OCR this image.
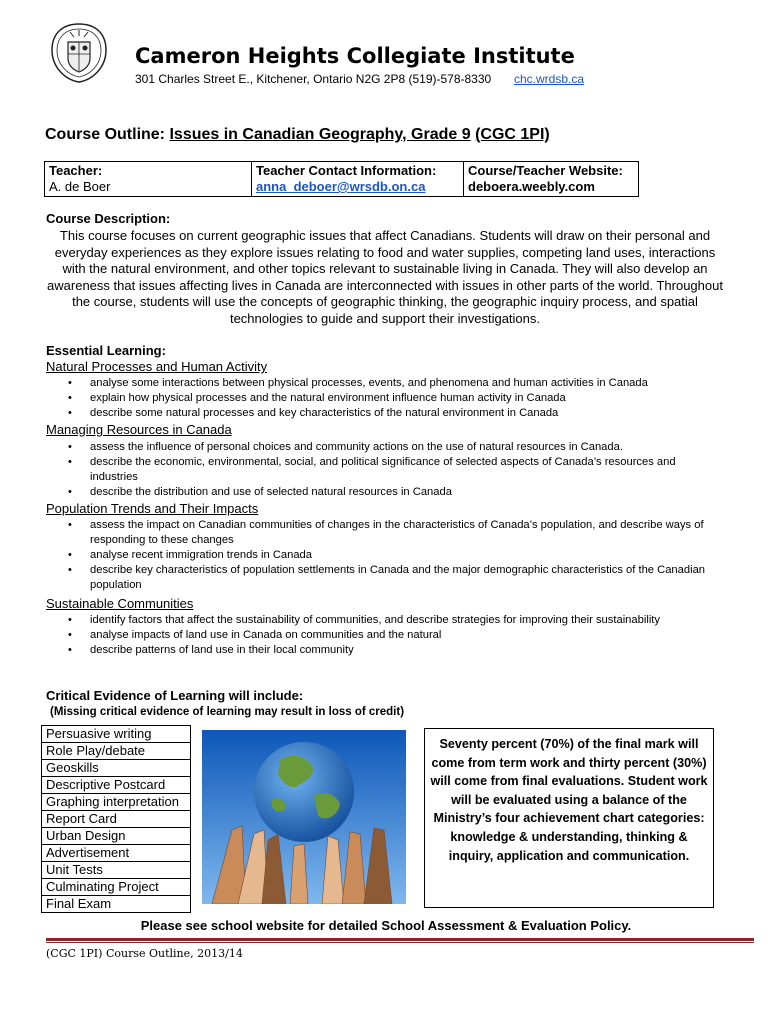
Cameron Heights Collegiate Institute
301 Charles Street E., Kitchener, Ontario N2G 2P8 (519)-578-8330 chc.wrdsb.ca
Course Outline: Issues in Canadian Geography, Grade 9 (CGC 1PI)
Teacher:
A. de Boer

Teacher Contact Information:
anna_deboer@wrsdb.on.ca

Course/Teacher Website:
deboera.weebly.com
Course Description:
This course focuses on current geographic issues that affect Canadians. Students will draw on their personal and everyday experiences as they explore issues relating to food and water supplies, competing land uses, interactions with the natural environment, and other topics relevant to sustainable living in Canada. They will also develop an awareness that issues affecting lives in Canada are interconnected with issues in other parts of the world. Throughout the course, students will use the concepts of geographic thinking, the geographic inquiry process, and spatial technologies to guide and support their investigations.
Essential Learning:
Natural Processes and Human Activity
• analyse some interactions between physical processes, events, and phenomena and human activities in Canada
• explain how physical processes and the natural environment influence human activity in Canada
• describe some natural processes and key characteristics of the natural environment in Canada
Managing Resources in Canada
• assess the influence of personal choices and community actions on the use of natural resources in Canada.
• describe the economic, environmental, social, and political significance of selected aspects of Canada’s resources and industries
• describe the distribution and use of selected natural resources in Canada
Population Trends and Their Impacts
• assess the impact on Canadian communities of changes in the characteristics of Canada’s population, and describe ways of responding to these changes
• analyse recent immigration trends in Canada
• describe key characteristics of population settlements in Canada and the major demographic characteristics of the Canadian population
Sustainable Communities
• identify factors that affect the sustainability of communities, and describe strategies for improving their sustainability
• analyse impacts of land use in Canada on communities and the natural
• describe patterns of land use in their local community
Critical Evidence of Learning will include:
(Missing critical evidence of learning may result in loss of credit)
Persuasive writing
Role Play/debate
Geoskills
Descriptive Postcard
Graphing interpretation
Report Card
Urban Design
Advertisement
Unit Tests
Culminating Project
Final Exam
Seventy percent (70%) of the final mark will come from term work and thirty percent (30%) will come from final evaluations. Student work will be evaluated using a balance of the Ministry’s four achievement chart categories: knowledge & understanding, thinking & inquiry, application and communication.
Please see school website for detailed School Assessment & Evaluation Policy.
(CGC 1PI) Course Outline, 2013/14
